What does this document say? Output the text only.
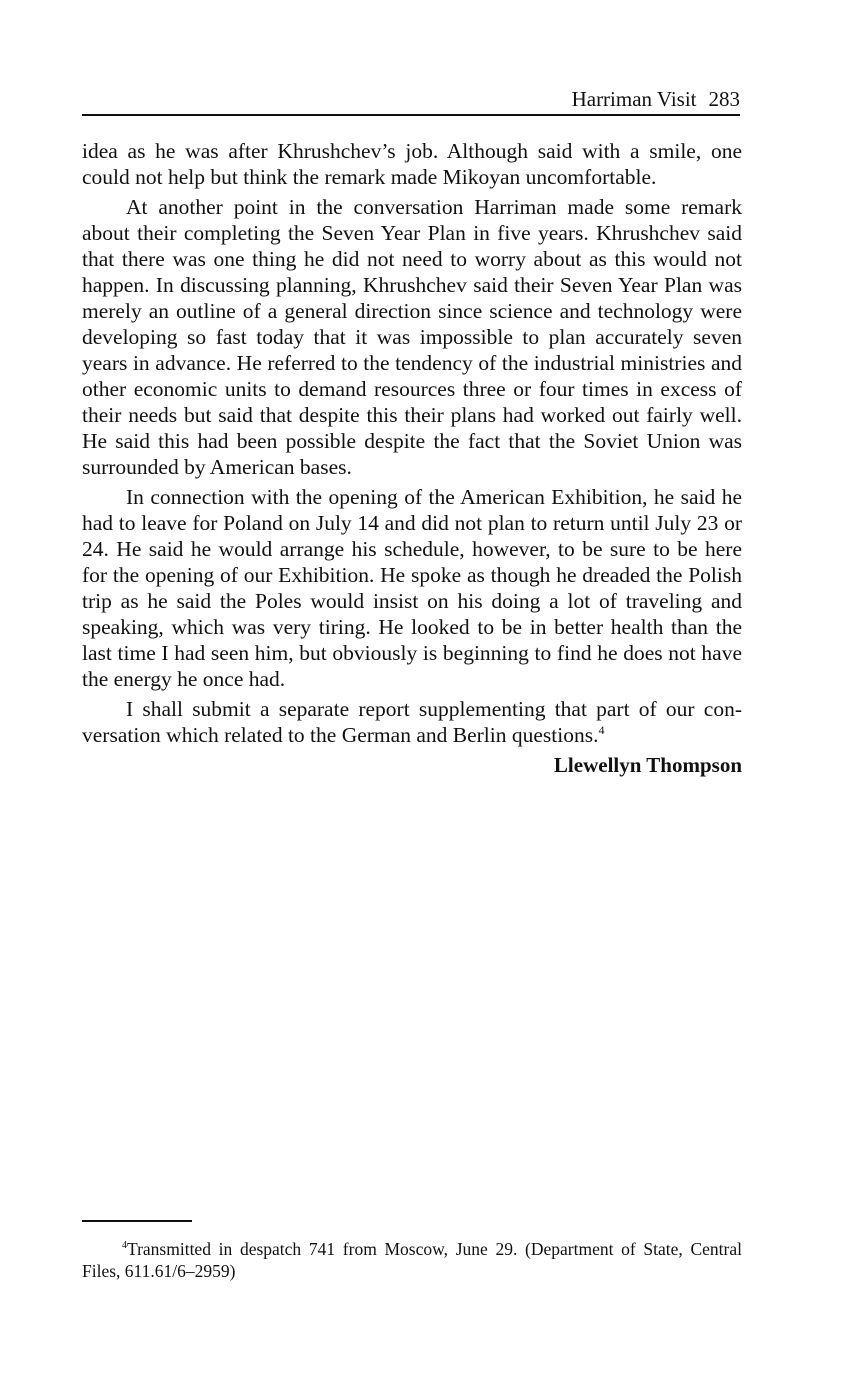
Harriman Visit 283

idea as he was after Khrushchev’s job. Although said with a smile, one could not help but think the remark made Mikoyan uncomfortable.

At another point in the conversation Harriman made some remark about their completing the Seven Year Plan in five years. Khrushchev said that there was one thing he did not need to worry about as this would not happen. In discussing planning, Khrushchev said their Seven Year Plan was merely an outline of a general direction since science and technology were developing so fast today that it was impossible to plan accurately seven years in advance. He referred to the tendency of the industrial ministries and other economic units to demand resources three or four times in excess of their needs but said that despite this their plans had worked out fairly well. He said this had been possible despite the fact that the Soviet Union was surrounded by American bases.

In connection with the opening of the American Exhibition, he said he had to leave for Poland on July 14 and did not plan to return until July 23 or 24. He said he would arrange his schedule, however, to be sure to be here for the opening of our Exhibition. He spoke as though he dreaded the Polish trip as he said the Poles would insist on his doing a lot of traveling and speaking, which was very tiring. He looked to be in better health than the last time I had seen him, but obviously is beginning to find he does not have the energy he once had.

I shall submit a separate report supplementing that part of our conversation which related to the German and Berlin questions.$^4$

Llewellyn Thompson

$^4$Transmitted in despatch 741 from Moscow, June 29. (Department of State, Central Files, 611.61/6–2959)
